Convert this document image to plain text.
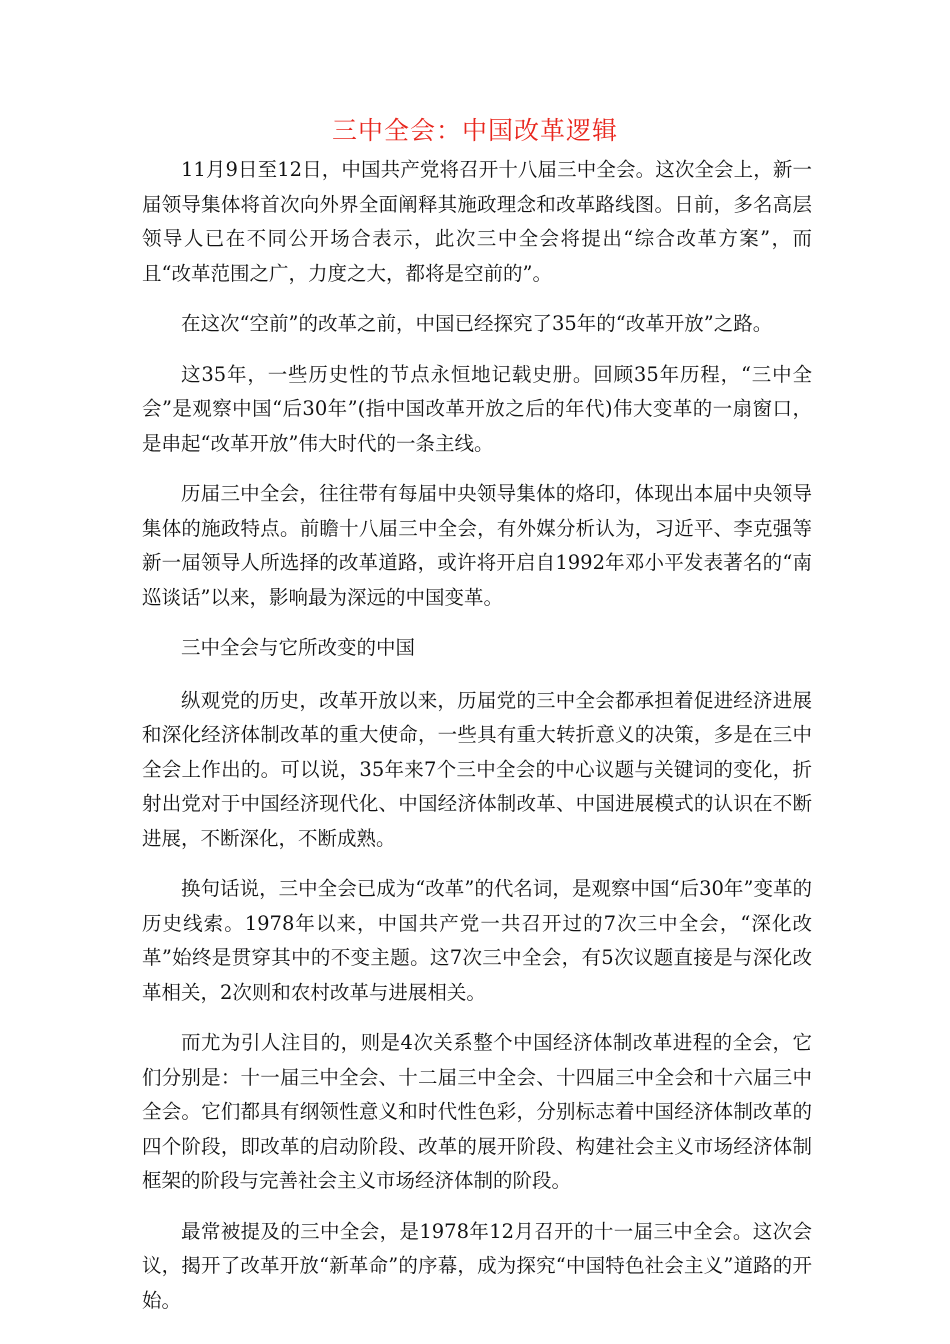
三中全会：中国改革逻辑

11月9日至12日，中国共产党将召开十八届三中全会。这次全会上，新一届领导集体将首次向外界全面阐释其施政理念和改革路线图。日前，多名高层领导人已在不同公开场合表示，此次三中全会将提出“综合改革方案”，而且“改革范围之广，力度之大，都将是空前的”。

在这次“空前”的改革之前，中国已经探究了35年的“改革开放”之路。

这35年，一些历史性的节点永恒地记载史册。回顾35年历程，“三中全会”是观察中国“后30年”(指中国改革开放之后的年代)伟大变革的一扇窗口，是串起“改革开放”伟大时代的一条主线。

历届三中全会，往往带有每届中央领导集体的烙印，体现出本届中央领导集体的施政特点。前瞻十八届三中全会，有外媒分析认为，习近平、李克强等新一届领导人所选择的改革道路，或许将开启自1992年邓小平发表著名的“南巡谈话”以来，影响最为深远的中国变革。

三中全会与它所改变的中国

纵观党的历史，改革开放以来，历届党的三中全会都承担着促进经济进展和深化经济体制改革的重大使命，一些具有重大转折意义的决策，多是在三中全会上作出的。可以说，35年来7个三中全会的中心议题与关键词的变化，折射出党对于中国经济现代化、中国经济体制改革、中国进展模式的认识在不断进展，不断深化，不断成熟。

换句话说，三中全会已成为“改革”的代名词，是观察中国“后30年”变革的历史线索。1978年以来，中国共产党一共召开过的7次三中全会，“深化改革”始终是贯穿其中的不变主题。这7次三中全会，有5次议题直接是与深化改革相关，2次则和农村改革与进展相关。

而尤为引人注目的，则是4次关系整个中国经济体制改革进程的全会，它们分别是：十一届三中全会、十二届三中全会、十四届三中全会和十六届三中全会。它们都具有纲领性意义和时代性色彩，分别标志着中国经济体制改革的四个阶段，即改革的启动阶段、改革的展开阶段、构建社会主义市场经济体制框架的阶段与完善社会主义市场经济体制的阶段。

最常被提及的三中全会，是1978年12月召开的十一届三中全会。这次会议，揭开了改革开放“新革命”的序幕，成为探究“中国特色社会主义”道路的开始。
